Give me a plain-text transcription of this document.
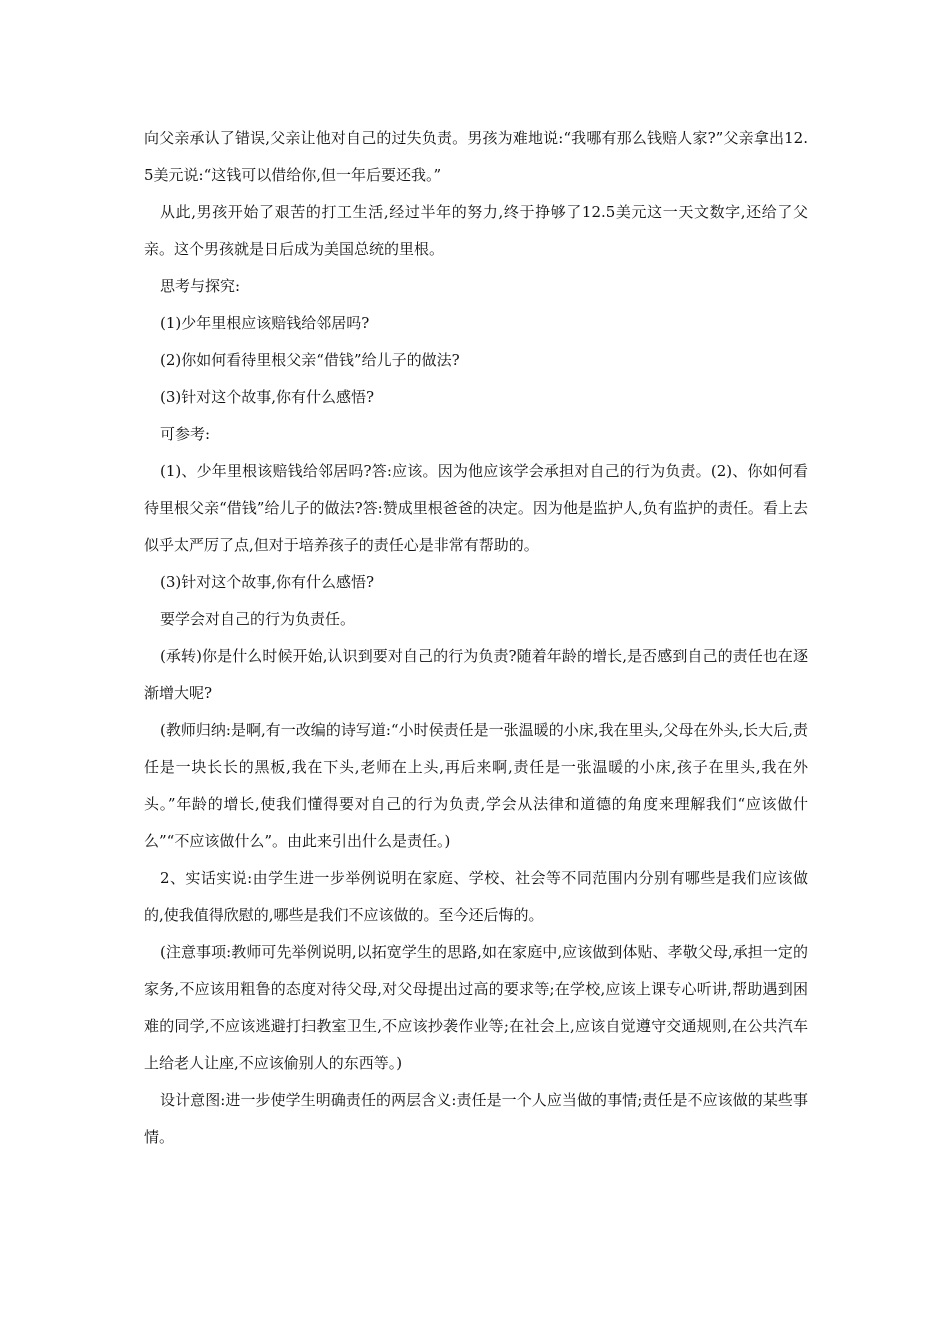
向父亲承认了错误,父亲让他对自己的过失负责。男孩为难地说:“我哪有那么钱赔人家?”父亲拿出12.5美元说:“这钱可以借给你,但一年后要还我。”

从此,男孩开始了艰苦的打工生活,经过半年的努力,终于挣够了12.5美元这一天文数字,还给了父亲。这个男孩就是日后成为美国总统的里根。

思考与探究:

(1)少年里根应该赔钱给邻居吗?

(2)你如何看待里根父亲“借钱”给儿子的做法?

(3)针对这个故事,你有什么感悟?

可参考:

(1)、少年里根该赔钱给邻居吗?答:应该。因为他应该学会承担对自己的行为负责。(2)、你如何看待里根父亲“借钱”给儿子的做法?答:赞成里根爸爸的决定。因为他是监护人,负有监护的责任。看上去似乎太严厉了点,但对于培养孩子的责任心是非常有帮助的。

(3)针对这个故事,你有什么感悟?

要学会对自己的行为负责任。

(承转)你是什么时候开始,认识到要对自己的行为负责?随着年龄的增长,是否感到自己的责任也在逐渐增大呢?

(教师归纳:是啊,有一改编的诗写道:“小时侯责任是一张温暖的小床,我在里头,父母在外头,长大后,责任是一块长长的黑板,我在下头,老师在上头,再后来啊,责任是一张温暖的小床,孩子在里头,我在外头。”年龄的增长,使我们懂得要对自己的行为负责,学会从法律和道德的角度来理解我们“应该做什么”“不应该做什么”。由此来引出什么是责任。)

2、实话实说:由学生进一步举例说明在家庭、学校、社会等不同范围内分别有哪些是我们应该做的,使我值得欣慰的,哪些是我们不应该做的。至今还后悔的。

(注意事项:教师可先举例说明,以拓宽学生的思路,如在家庭中,应该做到体贴、孝敬父母,承担一定的家务,不应该用粗鲁的态度对待父母,对父母提出过高的要求等;在学校,应该上课专心听讲,帮助遇到困难的同学,不应该逃避打扫教室卫生,不应该抄袭作业等;在社会上,应该自觉遵守交通规则,在公共汽车上给老人让座,不应该偷别人的东西等。)

设计意图:进一步使学生明确责任的两层含义:责任是一个人应当做的事情;责任是不应该做的某些事情。
